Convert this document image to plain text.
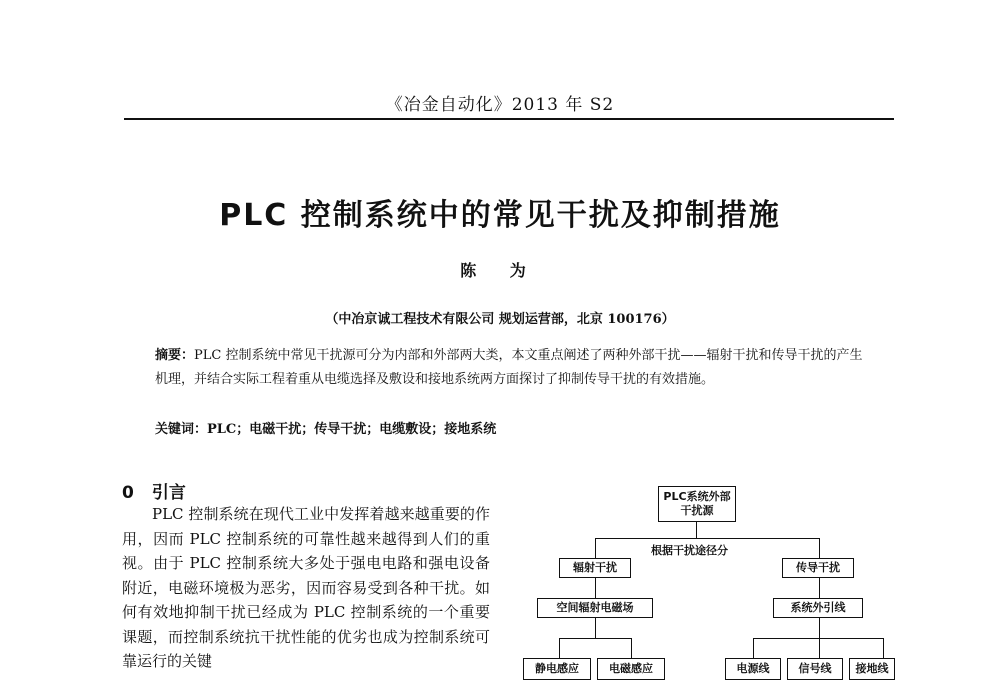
《冶金自动化》2013 年 S2
PLC 控制系统中的常见干扰及抑制措施
陈 为
（中冶京诚工程技术有限公司 规划运营部，北京 100176）
摘要：PLC 控制系统中常见干扰源可分为内部和外部两大类，本文重点阐述了两种外部干扰——辐射干扰和传导干扰的产生机理，并结合实际工程着重从电缆选择及敷设和接地系统两方面探讨了抑制传导干扰的有效措施。
关键词：PLC；电磁干扰；传导干扰；电缆敷设；接地系统
0 引言

PLC 控制系统在现代工业中发挥着越来越重要的作用，因而 PLC 控制系统的可靠性越来越得到人们的重视。由于 PLC 控制系统大多处于强电电路和强电设备附近，电磁环境极为恶劣，因而容易受到各种干扰。如何有效地抑制干扰已经成为 PLC 控制系统的一个重要课题，而控制系统抗干扰性能的优劣也成为控制系统可靠运行的关键

PLC系统外部干扰源
根据干扰途径分
辐射干扰	传导干扰
空间辐射电磁场	系统外引线
静电感应	电磁感应	电源线	信号线	接地线
